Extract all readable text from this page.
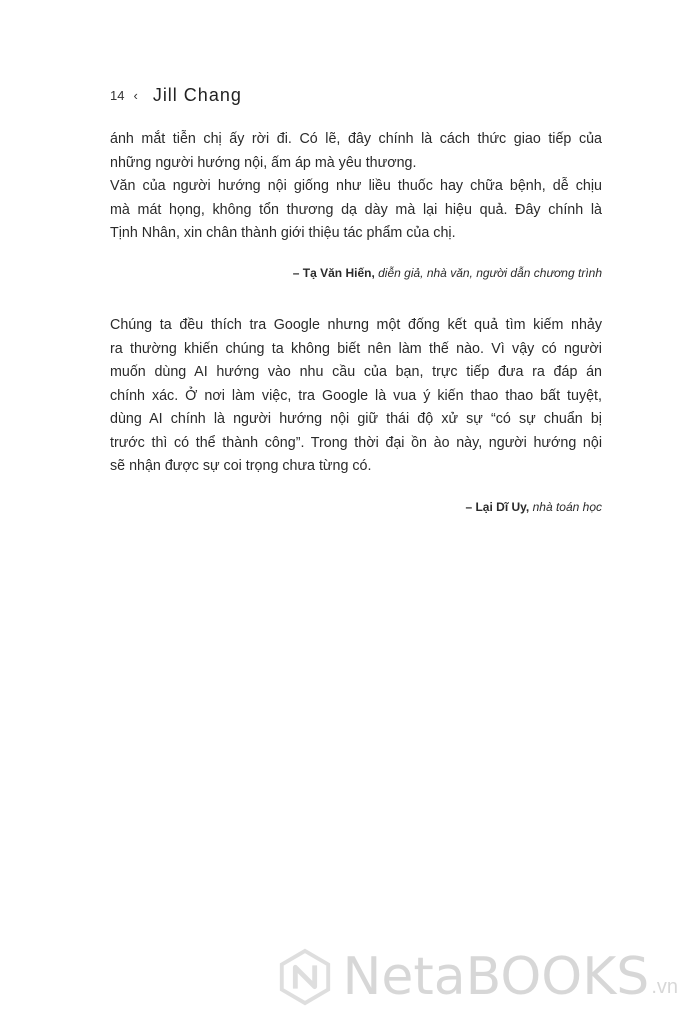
14 ‹ Jill Chang
ánh mắt tiễn chị ấy rời đi. Có lẽ, đây chính là cách thức giao tiếp của
những người hướng nội, ấm áp mà yêu thương.
Văn của người hướng nội giống như liều thuốc hay chữa bệnh, dễ chịu
mà mát họng, không tổn thương dạ dày mà lại hiệu quả. Đây chính là
Tịnh Nhân, xin chân thành giới thiệu tác phẩm của chị.
– Tạ Văn Hiến, diễn giả, nhà văn, người dẫn chương trình
Chúng ta đều thích tra Google nhưng một đống kết quả tìm kiếm nhảy
ra thường khiến chúng ta không biết nên làm thế nào. Vì vậy có người
muốn dùng AI hướng vào nhu cầu của bạn, trực tiếp đưa ra đáp án
chính xác. Ở nơi làm việc, tra Google là vua ý kiến thao thao bất tuyệt,
dùng AI chính là người hướng nội giữ thái độ xử sự “có sự chuẩn bị
trước thì có thể thành công”. Trong thời đại ồn ào này, người hướng nội
sẽ nhận được sự coi trọng chưa từng có.
– Lại Dĩ Uy, nhà toán học
NetaBOOKS .vn
